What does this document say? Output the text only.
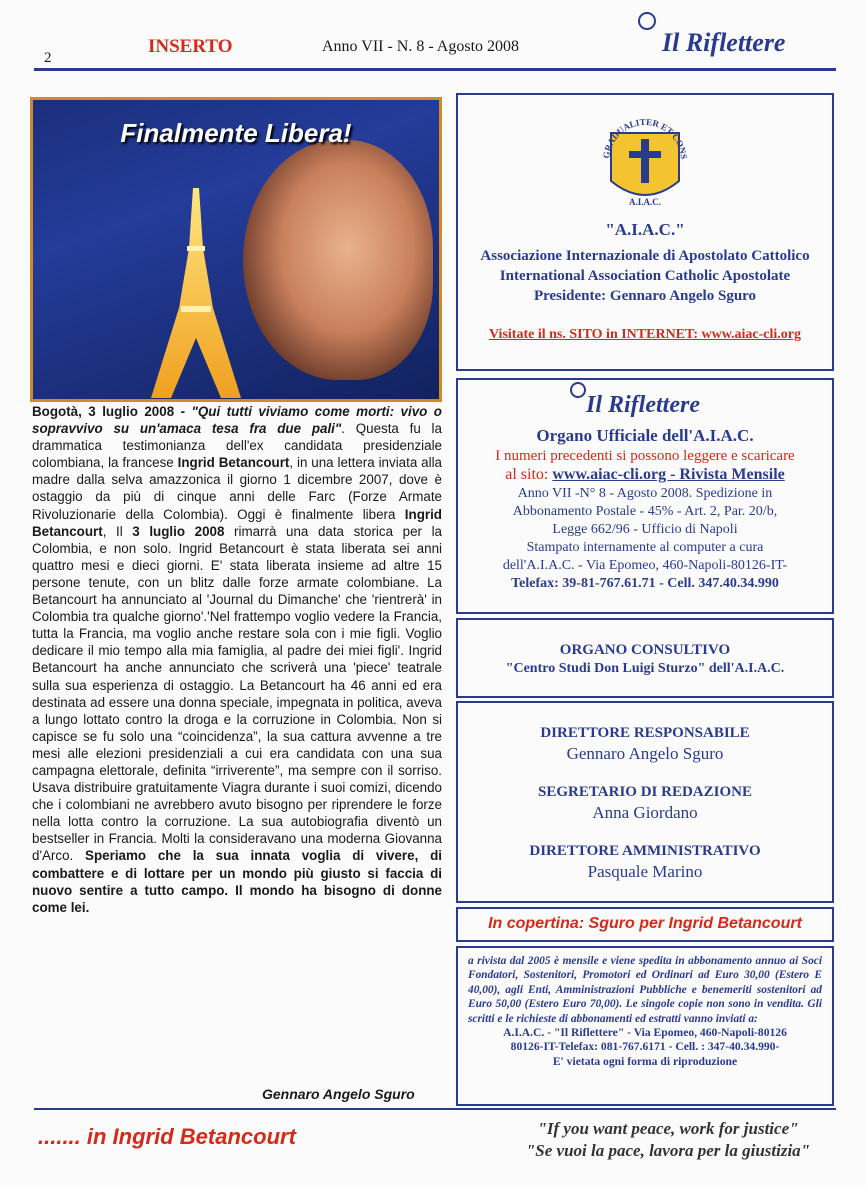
2
INSERTO	Anno VII - N. 8 - Agosto 2008	Il Riflettere
Finalmente Libera!
Bogotà, 3 luglio 2008 - "Qui tutti viviamo come morti: vivo o sopravvivo su un'amaca tesa fra due pali". Questa fu la drammatica testimonianza dell'ex candidata presidenziale colombiana, la francese Ingrid Betancourt, in una lettera inviata alla madre dalla selva amazzonica il giorno 1 dicembre 2007, dove è ostaggio da più di cinque anni delle Farc (Forze Armate Rivoluzionarie della Colombia). Oggi è finalmente libera Ingrid Betancourt, Il 3 luglio 2008 rimarrà una data storica per la Colombia, e non solo. Ingrid Betancourt è stata liberata sei anni quattro mesi e dieci giorni. E' stata liberata insieme ad altre 15 persone tenute, con un blitz dalle forze armate colombiane. La Betancourt ha annunciato al 'Journal du Dimanche' che 'rientrerà' in Colombia tra qualche giorno'.'Nel frattempo voglio vedere la Francia, tutta la Francia, ma voglio anche restare sola con i mie figli. Voglio dedicare il mio tempo alla mia famiglia, al padre dei miei figli'. Ingrid Betancourt ha anche annunciato che scriverà una 'piece' teatrale sulla sua esperienza di ostaggio. La Betancourt ha 46 anni ed era destinata ad essere una donna speciale, impegnata in politica, aveva a lungo lottato contro la droga e la corruzione in Colombia. Non si capisce se fu solo una “coincidenza”, la sua cattura avvenne a tre mesi alle elezioni presidenziali a cui era candidata con una sua campagna elettorale, definita “irriverente”, ma sempre con il sorriso. Usava distribuire gratuitamente Viagra durante i suoi comizi, dicendo che i colombiani ne avrebbero avuto bisogno per riprendere le forze nella lotta contro la corruzione. La sua autobiografia diventò un bestseller in Francia. Molti la consideravano una moderna Giovanna d'Arco. Speriamo che la sua innata voglia di vivere, di combattere e di lottare per un mondo più giusto si faccia di nuovo sentire a tutto campo. Il mondo ha bisogno di donne come lei.
Gennaro Angelo Sguro
GRADUALITER ET CONS
A.I.A.C.
"A.I.A.C."
Associazione Internazionale di Apostolato Cattolico
International Association Catholic Apostolate
Presidente: Gennaro Angelo Sguro
Visitate il ns. SITO in INTERNET: www.aiac-cli.org
Il Riflettere
Organo Ufficiale dell'A.I.A.C.
I numeri precedenti si possono leggere e scaricare
al sito: www.aiac-cli.org - Rivista Mensile
Anno VII -N° 8 - Agosto 2008. Spedizione in
Abbonamento Postale - 45% - Art. 2, Par. 20/b,
Legge 662/96 - Ufficio di Napoli
Stampato internamente al computer a cura
dell'A.I.A.C. - Via Epomeo, 460-Napoli-80126-IT-
Telefax: 39-81-767.61.71 - Cell. 347.40.34.990
ORGANO CONSULTIVO
"Centro Studi Don Luigi Sturzo" dell'A.I.A.C.
DIRETTORE RESPONSABILE
Gennaro Angelo Sguro
SEGRETARIO DI REDAZIONE
Anna Giordano
DIRETTORE AMMINISTRATIVO
Pasquale Marino
In copertina: Sguro per Ingrid Betancourt
a rivista dal 2005 è mensile e viene spedita in abbonamento annuo ai Soci Fondatori, Sostenitori, Promotori ed Ordinari ad Euro 30,00 (Estero E 40,00), agli Enti, Amministrazioni Pubbliche e benemeriti sostenitori ad Euro 50,00 (Estero Euro 70,00). Le singole copie non sono in vendita. Gli scritti e le richieste di abbonamenti ed estratti vanno inviati a:
A.I.A.C. - "Il Riflettere" - Via Epomeo, 460-Napoli-80126
80126-IT-Telefax: 081-767.6171 - Cell. : 347-40.34.990-
E' vietata ogni forma di riproduzione
....... in Ingrid Betancourt	"If you want peace, work for justice"
"Se vuoi la pace, lavora per la giustizia"
